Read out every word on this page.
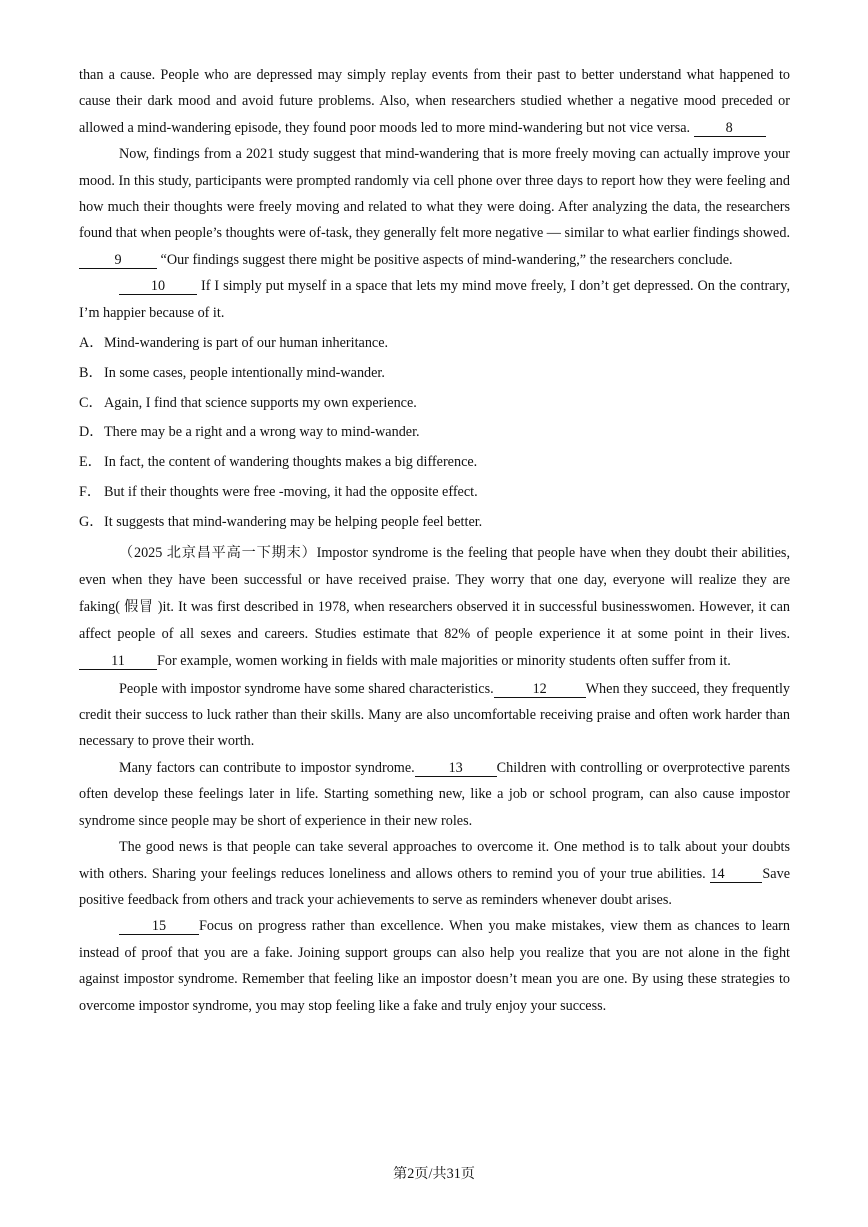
than a cause. People who are depressed may simply replay events from their past to better understand what happened to cause their dark mood and avoid future problems. Also, when researchers studied whether a negative mood preceded or allowed a mind-wandering episode, they found poor moods led to more mind-wandering but not vice versa.	8

Now, findings from a 2021 study suggest that mind-wandering that is more freely moving can actually improve your mood. In this study, participants were prompted randomly via cell phone over three days to report how they were feeling and how much their thoughts were freely moving and related to what they were doing. After analyzing the data, the researchers found that when people’s thoughts were of-task, they generally felt more negative — similar to what earlier findings showed. 9	“Our findings suggest there might be positive aspects of mind-wandering,” the researchers conclude.

10	If I simply put myself in a space that lets my mind move freely, I don’t get depressed. On the contrary, I’m happier because of it.

A．Mind-wandering is part of our human inheritance.

B．In some cases, people intentionally mind-wander.

C．Again, I find that science supports my own experience.

D．There may be a right and a wrong way to mind-wander.

E． In fact, the content of wandering thoughts makes a big difference.

F． But if their thoughts were free -moving, it had the opposite effect.

G．It suggests that mind-wandering may be helping people feel better.

（2025 北京昌平高一下期末）Impostor syndrome is the feeling that people have when they doubt their abilities, even when they have been successful or have received praise. They worry that one day, everyone will realize they are faking( 假冒 )it. It was first described in 1978, when researchers observed it in successful businesswomen. However, it can affect people of all sexes and careers. Studies estimate that 82% of people experience it at some point in their lives. 11 For example, women working in fields with male majorities or minority students often suffer from it.

People with impostor syndrome have some shared characteristics.	12	When they succeed, they frequently credit their success to luck rather than their skills. Many are also uncomfortable receiving praise and often work harder than necessary to prove their worth.

Many factors can contribute to impostor syndrome. 13 Children with controlling or overprotective parents often develop these feelings later in life. Starting something new, like a job or school program, can also cause impostor syndrome since people may be short of experience in their new roles.

The good news is that people can take several approaches to overcome it. One method is to talk about your doubts with others. Sharing your feelings reduces loneliness and allows others to remind you of your true abilities. 14	Save positive feedback from others and track your achievements to serve as reminders whenever doubt arises.

15 Focus on progress rather than excellence. When you make mistakes, view them as chances to learn instead of proof that you are a fake. Joining support groups can also help you realize that you are not alone in the fight against impostor syndrome. Remember that feeling like an impostor doesn’t mean you are one. By using these strategies to overcome impostor syndrome, you may stop feeling like a fake and truly enjoy your success.

第2页/共31页
